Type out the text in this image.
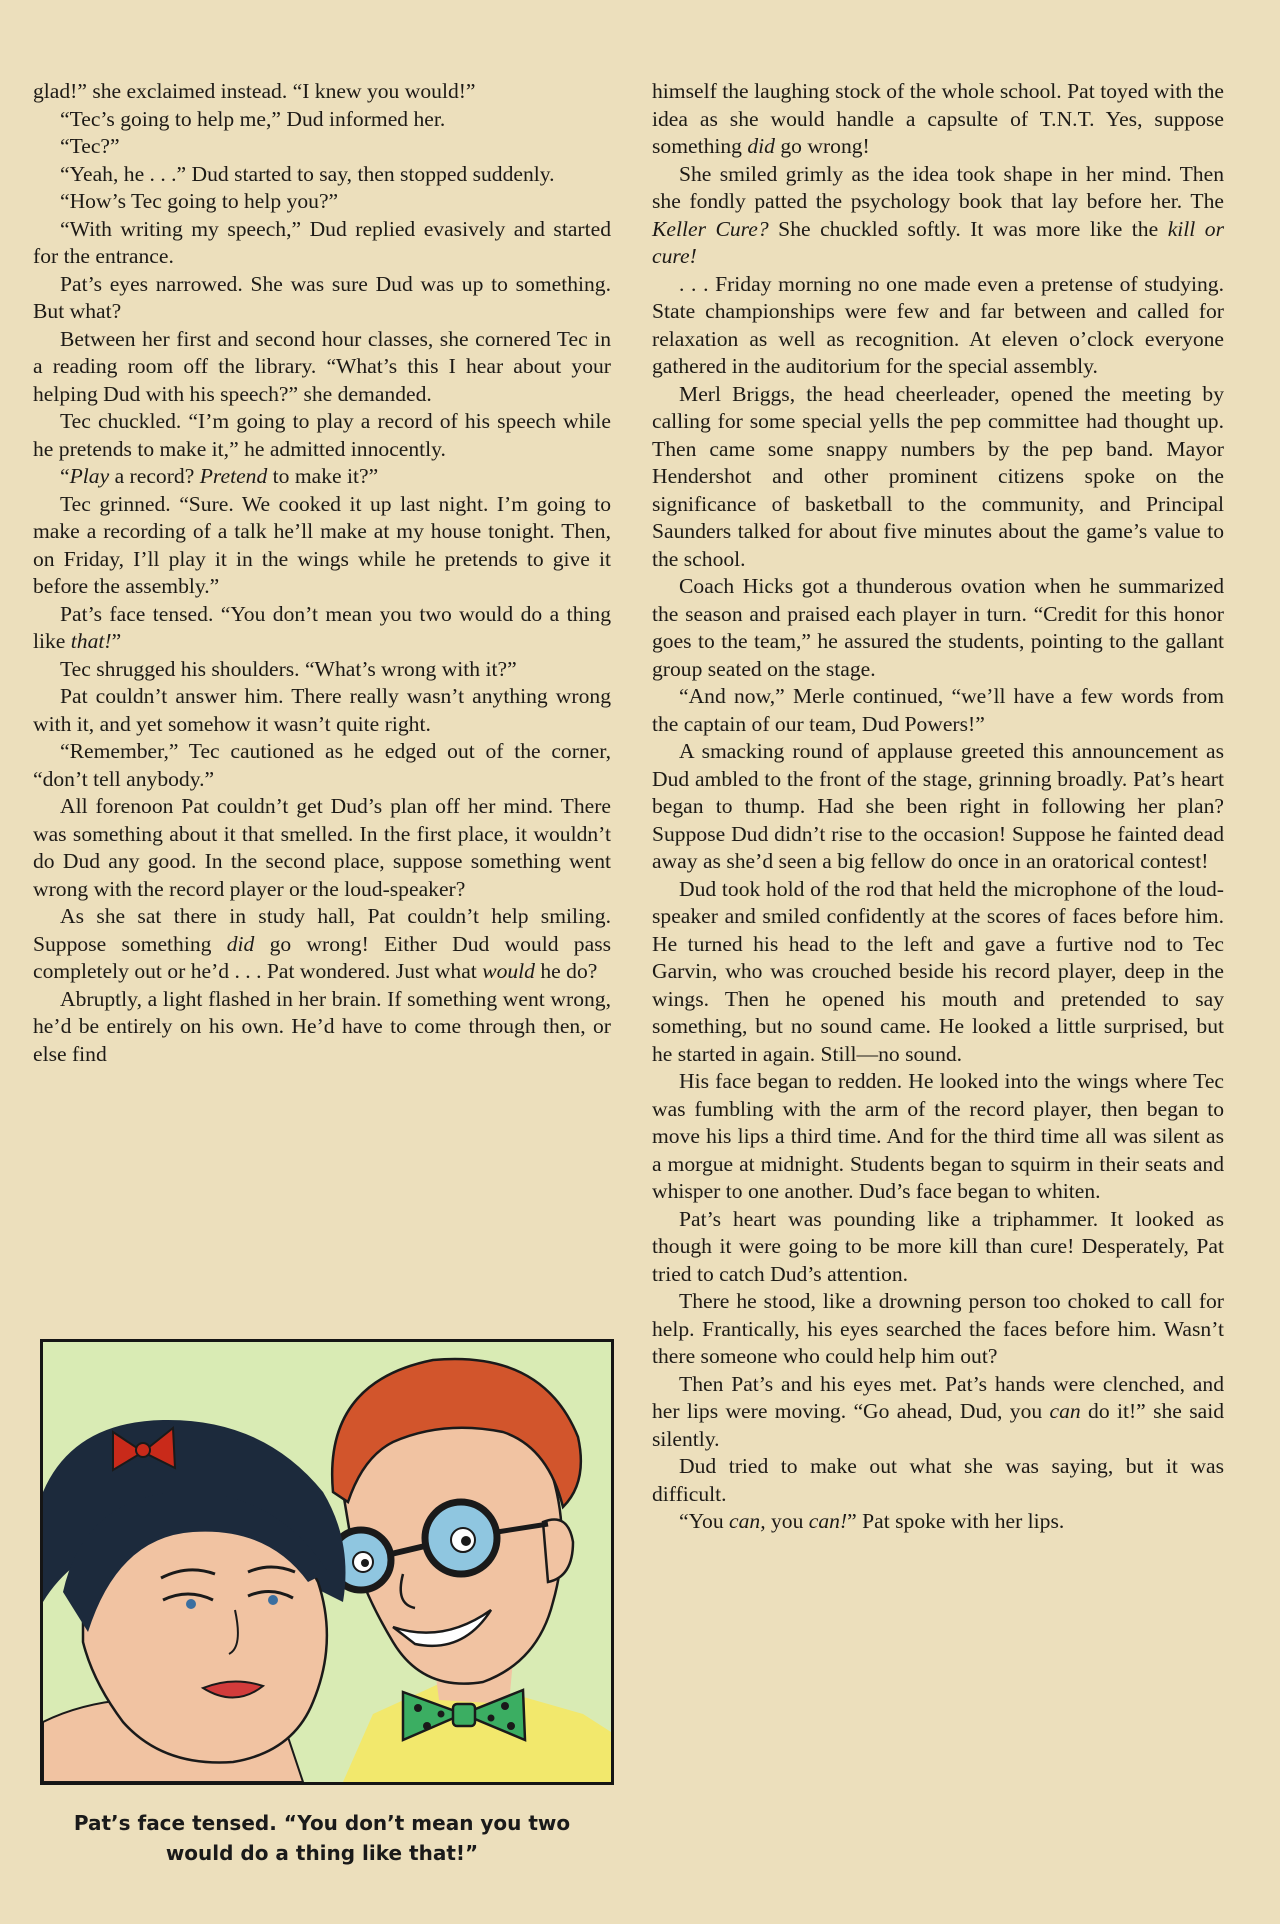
glad!” she exclaimed instead. “I knew you would!”

“Tec’s going to help me,” Dud informed her.

“Tec?”

“Yeah, he . . .” Dud started to say, then stopped suddenly.

“How’s Tec going to help you?”

“With writing my speech,” Dud replied evasively and started for the entrance.

Pat’s eyes narrowed. She was sure Dud was up to something. But what?

Between her first and second hour classes, she cornered Tec in a reading room off the library. “What’s this I hear about your helping Dud with his speech?” she demanded.

Tec chuckled. “I’m going to play a record of his speech while he pretends to make it,” he admitted innocently.

“Play a record? Pretend to make it?”

Tec grinned. “Sure. We cooked it up last night. I’m going to make a recording of a talk he’ll make at my house tonight. Then, on Friday, I’ll play it in the wings while he pretends to give it before the assembly.”

Pat’s face tensed. “You don’t mean you two would do a thing like that!”

Tec shrugged his shoulders. “What’s wrong with it?”

Pat couldn’t answer him. There really wasn’t anything wrong with it, and yet somehow it wasn’t quite right.

“Remember,” Tec cautioned as he edged out of the corner, “don’t tell anybody.”

All forenoon Pat couldn’t get Dud’s plan off her mind. There was something about it that smelled. In the first place, it wouldn’t do Dud any good. In the second place, suppose something went wrong with the record player or the loud-speaker?

As she sat there in study hall, Pat couldn’t help smiling. Suppose something did go wrong! Either Dud would pass completely out or he’d . . . Pat wondered. Just what would he do?

Abruptly, a light flashed in her brain. If something went wrong, he’d be entirely on his own. He’d have to come through then, or else find

Pat’s face tensed. “You don’t mean you two
would do a thing like that!”

himself the laughing stock of the whole school. Pat toyed with the idea as she would handle a capsulte of T.N.T. Yes, suppose something did go wrong!

She smiled grimly as the idea took shape in her mind. Then she fondly patted the psychology book that lay before her. The Keller Cure? She chuckled softly. It was more like the kill or cure!

. . . Friday morning no one made even a pretense of studying. State championships were few and far between and called for relaxation as well as recognition. At eleven o’clock everyone gathered in the auditorium for the special assembly.

Merl Briggs, the head cheerleader, opened the meeting by calling for some special yells the pep committee had thought up. Then came some snappy numbers by the pep band. Mayor Hendershot and other prominent citizens spoke on the significance of basketball to the community, and Principal Saunders talked for about five minutes about the game’s value to the school.

Coach Hicks got a thunderous ovation when he summarized the season and praised each player in turn. “Credit for this honor goes to the team,” he assured the students, pointing to the gallant group seated on the stage.

“And now,” Merle continued, “we’ll have a few words from the captain of our team, Dud Powers!”

A smacking round of applause greeted this announcement as Dud ambled to the front of the stage, grinning broadly. Pat’s heart began to thump. Had she been right in following her plan? Suppose Dud didn’t rise to the occasion! Suppose he fainted dead away as she’d seen a big fellow do once in an oratorical contest!

Dud took hold of the rod that held the microphone of the loud-speaker and smiled confidently at the scores of faces before him. He turned his head to the left and gave a furtive nod to Tec Garvin, who was crouched beside his record player, deep in the wings. Then he opened his mouth and pretended to say something, but no sound came. He looked a little surprised, but he started in again. Still—no sound.

His face began to redden. He looked into the wings where Tec was fumbling with the arm of the record player, then began to move his lips a third time. And for the third time all was silent as a morgue at midnight. Students began to squirm in their seats and whisper to one another. Dud’s face began to whiten.

Pat’s heart was pounding like a triphammer. It looked as though it were going to be more kill than cure! Desperately, Pat tried to catch Dud’s attention.

There he stood, like a drowning person too choked to call for help. Frantically, his eyes searched the faces before him. Wasn’t there someone who could help him out?

Then Pat’s and his eyes met. Pat’s hands were clenched, and her lips were moving. “Go ahead, Dud, you can do it!” she said silently.

Dud tried to make out what she was saying, but it was difficult.

“You can, you can!” Pat spoke with her lips.
